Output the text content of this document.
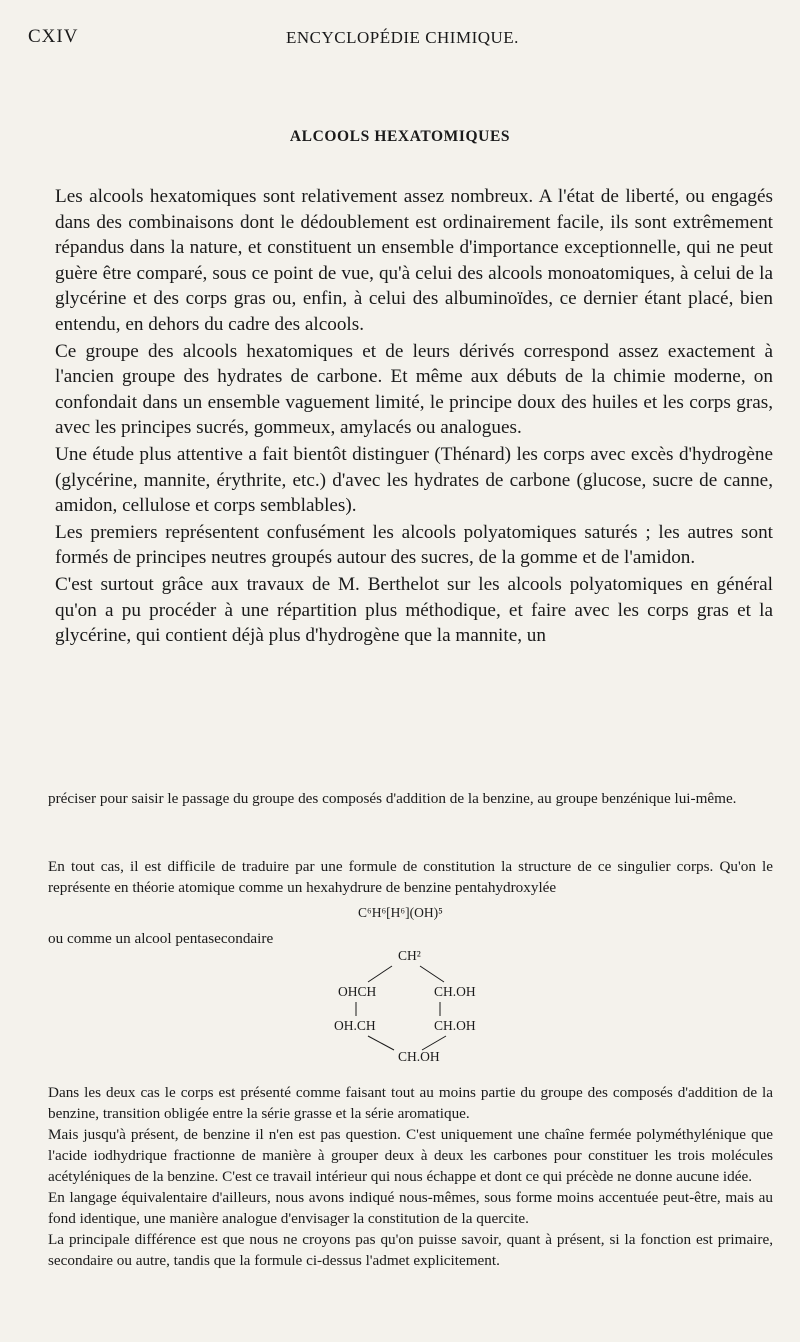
CXIV	ENCYCLOPÉDIE CHIMIQUE.
ALCOOLS HEXATOMIQUES

Les alcools hexatomiques sont relativement assez nombreux. A l'état de liberté, ou engagés dans des combinaisons dont le dédoublement est ordinairement facile, ils sont extrêmement répandus dans la nature, et constituent un ensemble d'importance exceptionnelle, qui ne peut guère être comparé, sous ce point de vue, qu'à celui des alcools monoatomiques, à celui de la glycérine et des corps gras ou, enfin, à celui des albuminoïdes, ce dernier étant placé, bien entendu, en dehors du cadre des alcools.

Ce groupe des alcools hexatomiques et de leurs dérivés correspond assez exactement à l'ancien groupe des hydrates de carbone. Et même aux débuts de la chimie moderne, on confondait dans un ensemble vaguement limité, le principe doux des huiles et les corps gras, avec les principes sucrés, gommeux, amylacés ou analogues.

Une étude plus attentive a fait bientôt distinguer (Thénard) les corps avec excès d'hydrogène (glycérine, mannite, érythrite, etc.) d'avec les hydrates de carbone (glucose, sucre de canne, amidon, cellulose et corps semblables).

Les premiers représentent confusément les alcools polyatomiques saturés ; les autres sont formés de principes neutres groupés autour des sucres, de la gomme et de l'amidon.

C'est surtout grâce aux travaux de M. Berthelot sur les alcools polyatomiques en général qu'on a pu procéder à une répartition plus méthodique, et faire avec les corps gras et la glycérine, qui contient déjà plus d'hydrogène que la mannite, un

préciser pour saisir le passage du groupe des composés d'addition de la benzine, au groupe benzénique lui-même.

En tout cas, il est difficile de traduire par une formule de constitution la structure de ce singulier corps. Qu'on le représente en théorie atomique comme un hexahydrure de benzine pentahydroxylée

C⁶H⁶[H⁶](OH)⁵
ou comme un alcool pentasecondaire
CH²
OHCH	CH.OH
OH.CH	CH.OH
CH.OH

Dans les deux cas le corps est présenté comme faisant tout au moins partie du groupe des composés d'addition de la benzine, transition obligée entre la série grasse et la série aromatique.

Mais jusqu'à présent, de benzine il n'en est pas question. C'est uniquement une chaîne fermée polyméthylénique que l'acide iodhydrique fractionne de manière à grouper deux à deux les carbones pour constituer les trois molécules acétyléniques de la benzine. C'est ce travail intérieur qui nous échappe et dont ce qui précède ne donne aucune idée.

En langage équivalentaire d'ailleurs, nous avons indiqué nous-mêmes, sous forme moins accentuée peut-être, mais au fond identique, une manière analogue d'envisager la constitution de la quercite.

La principale différence est que nous ne croyons pas qu'on puisse savoir, quant à présent, si la fonction est primaire, secondaire ou autre, tandis que la formule ci-dessus l'admet explicitement.
